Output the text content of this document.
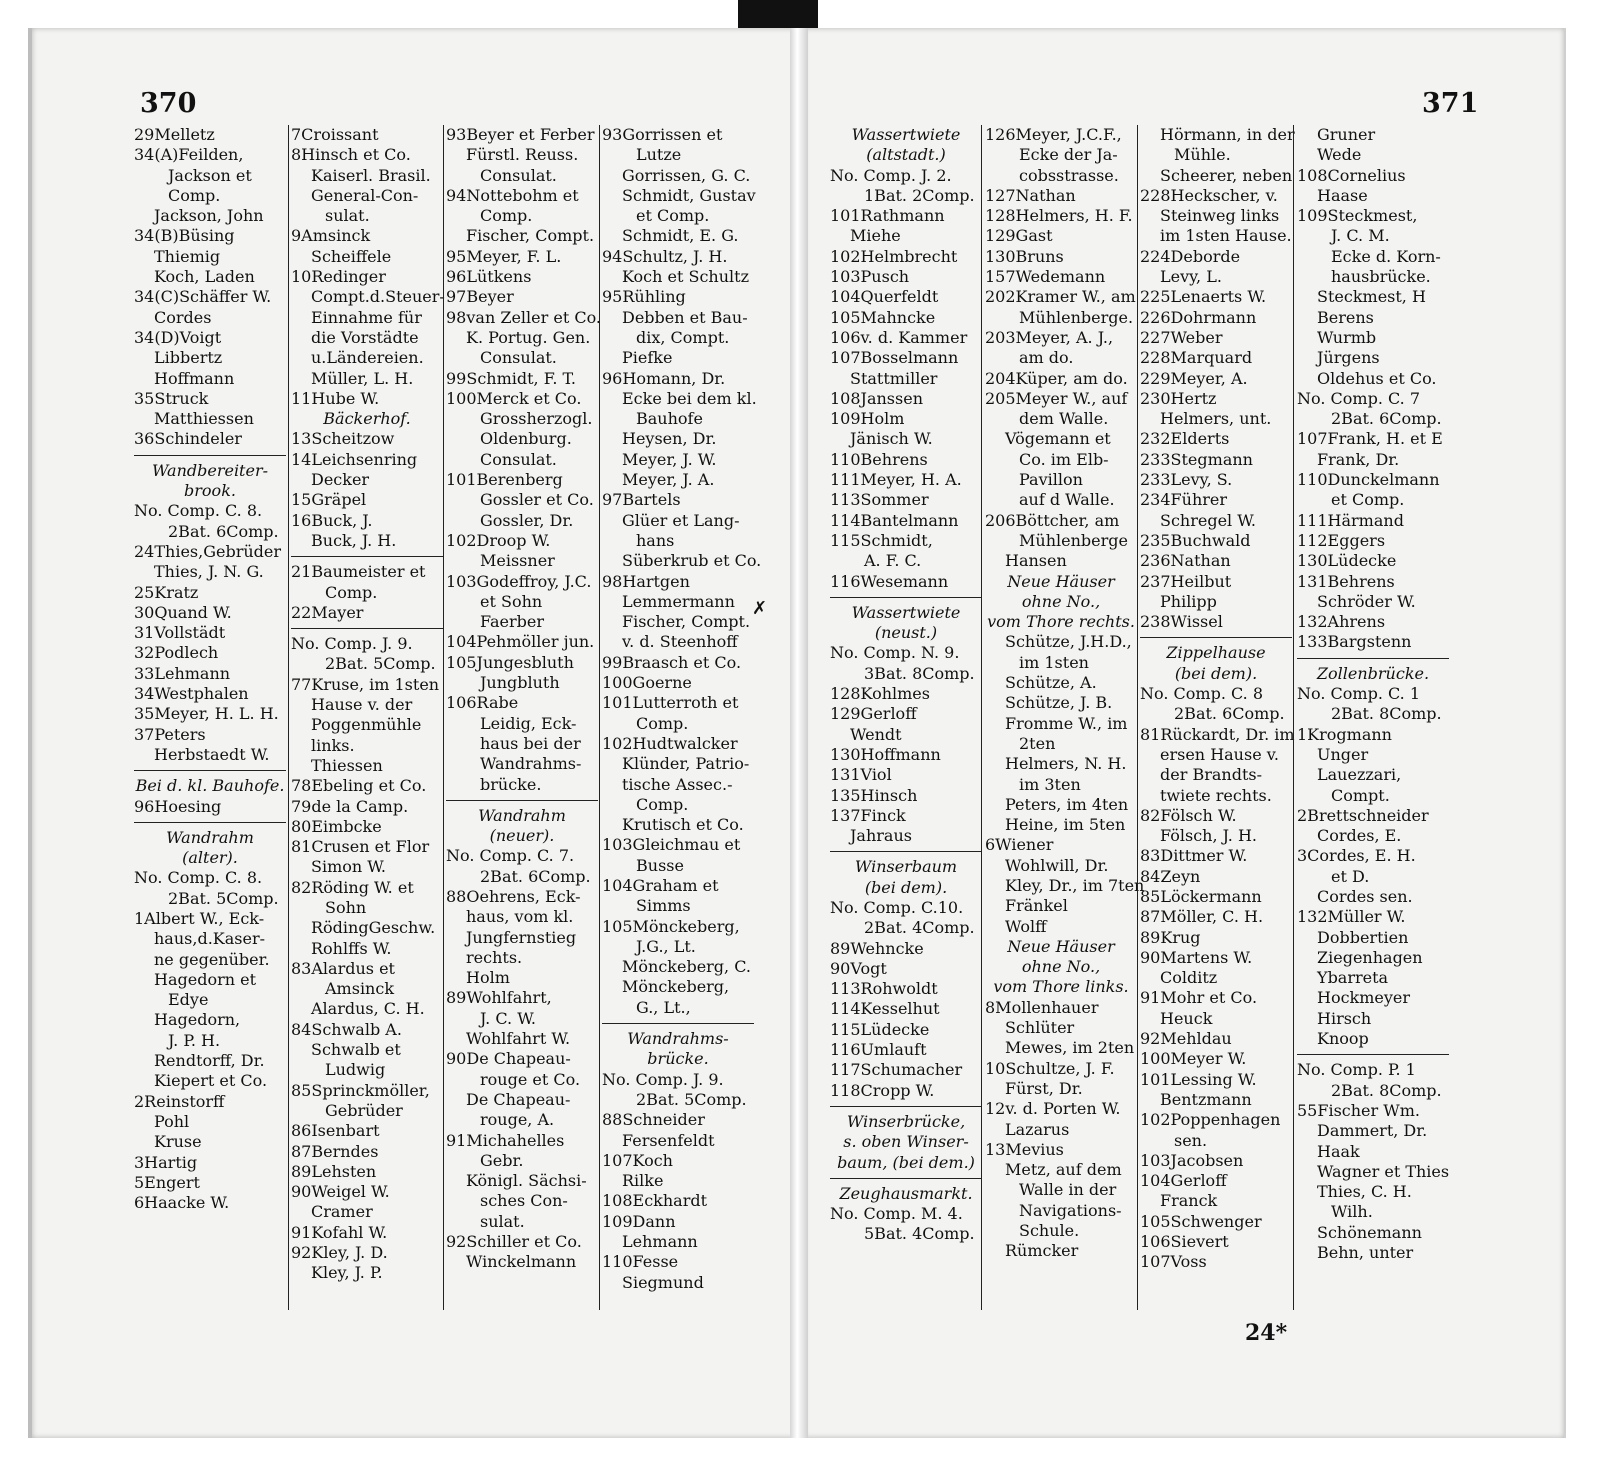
370	371
29Melletz
34(A)Feilden,
Jackson et
Comp.
Jackson, John
34(B)Büsing
Thiemig
Koch, Laden
34(C)Schäffer W.
Cordes
34(D)Voigt
Libbertz
Hoffmann
35Struck
Matthiessen
36Schindeler
Wandbereiter-
brook.
No. Comp. C. 8.
2Bat. 6Comp.
24Thies,Gebrüder
Thies, J. N. G.
25Kratz
30Quand W.
31Vollstädt
32Podlech
33Lehmann
34Westphalen
35Meyer, H. L. H.
37Peters
Herbstaedt W.
Bei d. kl. Bauhofe.
96Hoesing
Wandrahm
(alter).
No. Comp. C. 8.
2Bat. 5Comp.
1Albert W., Eck-
haus,d.Kaser-
ne gegenüber.
Hagedorn et
Edye
Hagedorn,
J. P. H.
Rendtorff, Dr.
Kiepert et Co.
2Reinstorff
Pohl
Kruse
3Hartig
5Engert
6Haacke W.
7Croissant
8Hinsch et Co.
Kaiserl. Brasil.
General-Con-
sulat.
9Amsinck
Scheiffele
10Redinger
Compt.d.Steuer-
Einnahme für
die Vorstädte
u.Ländereien.
Müller, L. H.
11Hube W.
Bäckerhof.
13Scheitzow
14Leichsenring
Decker
15Gräpel
16Buck, J.
Buck, J. H.
21Baumeister et
Comp.
22Mayer
No. Comp. J. 9.
2Bat. 5Comp.
77Kruse, im 1sten
Hause v. der
Poggenmühle
links.
Thiessen
78Ebeling et Co.
79de la Camp.
80Eimbcke
81Crusen et Flor
Simon W.
82Röding W. et
Sohn
RödingGeschw.
Rohlffs W.
83Alardus et
Amsinck
Alardus, C. H.
84Schwalb A.
Schwalb et
Ludwig
85Sprinckmöller,
Gebrüder
86Isenbart
87Berndes
89Lehsten
90Weigel W.
Cramer
91Kofahl W.
92Kley, J. D.
Kley, J. P.
93Beyer et Ferber
Fürstl. Reuss.
Consulat.
94Nottebohm et
Comp.
Fischer, Compt.
95Meyer, F. L.
96Lütkens
97Beyer
98van Zeller et Co.
K. Portug. Gen.
Consulat.
99Schmidt, F. T.
100Merck et Co.
Grossherzogl.
Oldenburg.
Consulat.
101Berenberg
Gossler et Co.
Gossler, Dr.
102Droop W.
Meissner
103Godeffroy, J.C.
et Sohn
Faerber
104Pehmöller jun.
105Jungesbluth
Jungbluth
106Rabe
Leidig, Eck-
haus bei der
Wandrahms-
brücke.
Wandrahm
(neuer).
No. Comp. C. 7.
2Bat. 6Comp.
88Oehrens, Eck-
haus, vom kl.
Jungfernstieg
rechts.
Holm
89Wohlfahrt,
J. C. W.
Wohlfahrt W.
90De Chapeau-
rouge et Co.
De Chapeau-
rouge, A.
91Michahelles
Gebr.
Königl. Sächsi-
sches Con-
sulat.
92Schiller et Co.
Winckelmann
93Gorrissen et
Lutze
Gorrissen, G. C.
Schmidt, Gustav
et Comp.
Schmidt, E. G.
94Schultz, J. H.
Koch et Schultz
95Rühling
Debben et Bau-
dix, Compt.
Piefke
96Homann, Dr.
Ecke bei dem kl.
Bauhofe
Heysen, Dr.
Meyer, J. W.
Meyer, J. A.
97Bartels
Glüer et Lang-
hans
Süberkrub et Co.
98Hartgen
Lemmermann
Fischer, Compt.
v. d. Steenhoff
99Braasch et Co.
100Goerne
101Lutterroth et
Comp.
102Hudtwalcker
Klünder, Patrio-
tische Assec.-
Comp.
Krutisch et Co.
103Gleichmau et
Busse
104Graham et
Simms
105Mönckeberg,
J.G., Lt.
Mönckeberg, C.
Mönckeberg,
G., Lt.,
Wandrahms-
brücke.
No. Comp. J. 9.
2Bat. 5Comp.
88Schneider
Fersenfeldt
107Koch
Rilke
108Eckhardt
109Dann
Lehmann
110Fesse
Siegmund
Wassertwiete
(altstadt.)
No. Comp. J. 2.
1Bat. 2Comp.
101Rathmann
Miehe
102Helmbrecht
103Pusch
104Querfeldt
105Mahncke
106v. d. Kammer
107Bosselmann
Stattmiller
108Janssen
109Holm
Jänisch W.
110Behrens
111Meyer, H. A.
113Sommer
114Bantelmann
115Schmidt,
A. F. C.
116Wesemann
Wassertwiete
(neust.)
No. Comp. N. 9.
3Bat. 8Comp.
128Kohlmes
129Gerloff
Wendt
130Hoffmann
131Viol
135Hinsch
137Finck
Jahraus
Winserbaum
(bei dem).
No. Comp. C.10.
2Bat. 4Comp.
89Wehncke
90Vogt
113Rohwoldt
114Kesselhut
115Lüdecke
116Umlauft
117Schumacher
118Cropp W.
Winserbrücke,
s. oben Winser-
baum, (bei dem.)
Zeughausmarkt.
No. Comp. M. 4.
5Bat. 4Comp.
126Meyer, J.C.F.,
Ecke der Ja-
cobsstrasse.
127Nathan
128Helmers, H. F.
129Gast
130Bruns
157Wedemann
202Kramer W., am
Mühlenberge.
203Meyer, A. J.,
am do.
204Küper, am do.
205Meyer W., auf
dem Walle.
Vögemann et
Co. im Elb-
Pavillon
auf d Walle.
206Böttcher, am
Mühlenberge
Hansen
Neue Häuser
ohne No.,
vom Thore rechts.
Schütze, J.H.D.,
im 1sten
Schütze, A.
Schütze, J. B.
Fromme W., im
2ten
Helmers, N. H.
im 3ten
Peters, im 4ten
Heine, im 5ten
6Wiener
Wohlwill, Dr.
Kley, Dr., im 7ten
Fränkel
Wolff
Neue Häuser
ohne No.,
vom Thore links.
8Mollenhauer
Schlüter
Mewes, im 2ten
10Schultze, J. F.
Fürst, Dr.
12v. d. Porten W.
Lazarus
13Mevius
Metz, auf dem
Walle in der
Navigations-
Schule.
Rümcker
Hörmann, in der
Mühle.
Scheerer, neben
228Heckscher, v.
Steinweg links
im 1sten Hause.
224Deborde
Levy, L.
225Lenaerts W.
226Dohrmann
227Weber
228Marquard
229Meyer, A.
230Hertz
Helmers, unt.
232Elderts
233Stegmann
233Levy, S.
234Führer
Schregel W.
235Buchwald
236Nathan
237Heilbut
Philipp
238Wissel
Zippelhause
(bei dem).
No. Comp. C. 8
2Bat. 6Comp.
81Rückardt, Dr. im
ersen Hause v.
der Brandts-
twiete rechts.
82Fölsch W.
Fölsch, J. H.
83Dittmer W.
84Zeyn
85Löckermann
87Möller, C. H.
89Krug
90Martens W.
Colditz
91Mohr et Co.
Heuck
92Mehldau
100Meyer W.
101Lessing W.
Bentzmann
102Poppenhagen
sen.
103Jacobsen
104Gerloff
Franck
105Schwenger
106Sievert
107Voss
Gruner
Wede
108Cornelius
Haase
109Steckmest,
J. C. M.
Ecke d. Korn-
hausbrücke.
Steckmest, H
Berens
Wurmb
Jürgens
Oldehus et Co.
No. Comp. C. 7
2Bat. 6Comp.
107Frank, H. et E
Frank, Dr.
110Dunckelmann
et Comp.
111Härmand
112Eggers
130Lüdecke
131Behrens
Schröder W.
132Ahrens
133Bargstenn
Zollenbrücke.
No. Comp. C. 1
2Bat. 8Comp.
1Krogmann
Unger
Lauezzari,
Compt.
2Brettschneider
Cordes, E.
3Cordes, E. H.
et D.
Cordes sen.
132Müller W.
Dobbertien
Ziegenhagen
Ybarreta
Hockmeyer
Hirsch
Knoop
No. Comp. P. 1
2Bat. 8Comp.
55Fischer Wm.
Dammert, Dr.
Haak
Wagner et Thies
Thies, C. H.
Wilh.
Schönemann
Behn, unter
✗
24*
